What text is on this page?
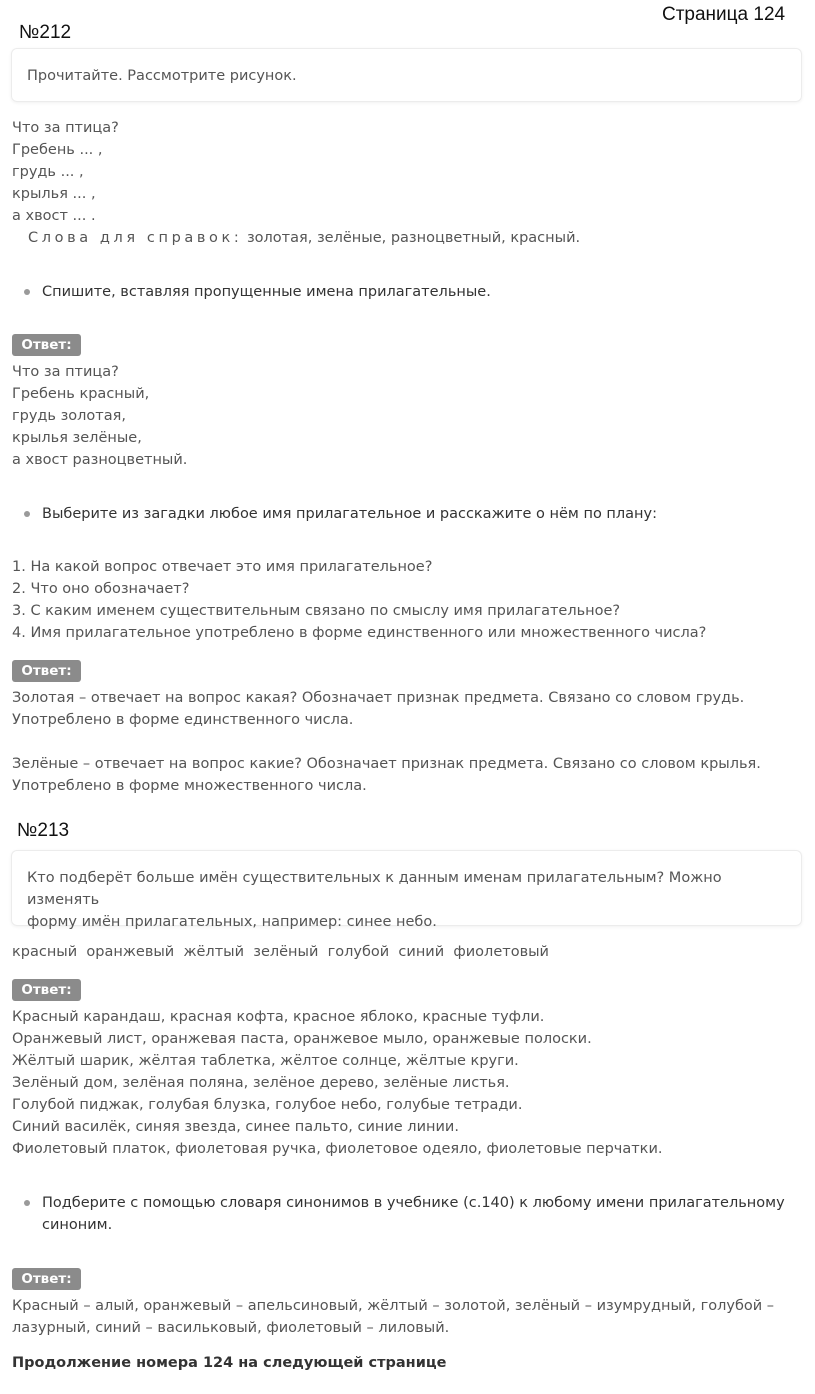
Страница 124
№212
Прочитайте. Рассмотрите рисунок.
Что за птица?
Гребень ... ,
грудь ... ,
крылья ... ,
а хвост ... .
Слова для справок: золотая, зелёные, разноцветный, красный.
Спишите, вставляя пропущенные имена прилагательные.
Ответ:
Что за птица?
Гребень красный,
грудь золотая,
крылья зелёные,
а хвост разноцветный.
Выберите из загадки любое имя прилагательное и расскажите о нём по плану:
1. На какой вопрос отвечает это имя прилагательное?
2. Что оно обозначает?
3. С каким именем существительным связано по смыслу имя прилагательное?
4. Имя прилагательное употреблено в форме единственного или множественного числа?
Ответ:
Золотая – отвечает на вопрос какая? Обозначает признак предмета. Связано со словом грудь.
Употреблено в форме единственного числа.
Зелёные – отвечает на вопрос какие? Обозначает признак предмета. Связано со словом крылья.
Употреблено в форме множественного числа.
№213
Кто подберёт больше имён существительных к данным именам прилагательным? Можно изменять
форму имён прилагательных, например: синее небо.
красный  оранжевый  жёлтый  зелёный  голубой  синий  фиолетовый
Ответ:
Красный карандаш, красная кофта, красное яблоко, красные туфли.
Оранжевый лист, оранжевая паста, оранжевое мыло, оранжевые полоски.
Жёлтый шарик, жёлтая таблетка, жёлтое солнце, жёлтые круги.
Зелёный дом, зелёная поляна, зелёное дерево, зелёные листья.
Голубой пиджак, голубая блузка, голубое небо, голубые тетради.
Синий василёк, синяя звезда, синее пальто, синие линии.
Фиолетовый платок, фиолетовая ручка, фиолетовое одеяло, фиолетовые перчатки.
Подберите с помощью словаря синонимов в учебнике (с.140) к любому имени прилагательному
синоним.
Ответ:
Красный – алый, оранжевый – апельсиновый, жёлтый – золотой, зелёный – изумрудный, голубой –
лазурный, синий – васильковый, фиолетовый – лиловый.
Продолжение номера 124 на следующей странице
